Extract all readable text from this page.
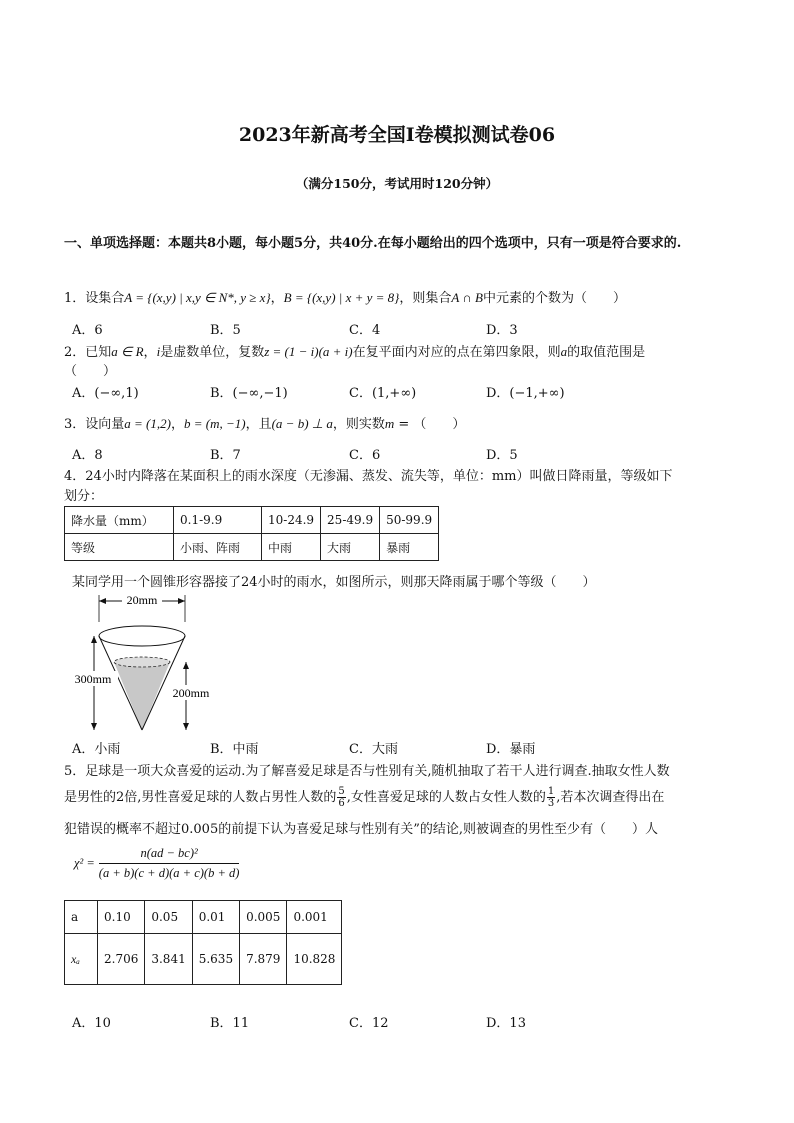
2023年新高考全国Ⅰ卷模拟测试卷06
（满分150分，考试用时120分钟）
一、单项选择题：本题共8小题，每小题5分，共40分.在每小题给出的四个选项中，只有一项是符合要求的.
1．设集合A = {(x,y) | x,y ∈ N*, y ≥ x}，B = {(x,y) | x + y = 8}，则集合A ∩ B中元素的个数为（　　）
A．6	B．5	C．4	D．3
2．已知a ∈ R，i是虚数单位，复数z = (1 − i)(a + i)在复平面内对应的点在第四象限，则a的取值范围是
（　　）
A．(−∞,1)	B．(−∞,−1)	C．(1,+∞)	D．(−1,+∞)
3．设向量a = (1,2)，b = (m, −1)，且(a − b) ⊥ a，则实数m = （　　）
A．8	B．7	C．6	D．5
4．24小时内降落在某面积上的雨水深度（无渗漏、蒸发、流失等，单位：mm）叫做日降雨量，等级如下
划分：
降水量（mm）	0.1-9.9	10-24.9	25-49.9	50-99.9
等级	小雨、阵雨	中雨	大雨	暴雨
某同学用一个圆锥形容器接了24小时的雨水，如图所示，则那天降雨属于哪个等级（　　）
20mm
300mm
200mm
A．小雨	B．中雨	C．大雨	D．暴雨
5．足球是一项大众喜爱的运动.为了解喜爱足球是否与性别有关,随机抽取了若干人进行调查.抽取女性人数
是男性的2倍,男性喜爱足球的人数占男性人数的 $\frac{5}{6}$ ,女性喜爱足球的人数占女性人数的 $\frac{1}{3}$ ,若本次调查得出在
犯错误的概率不超过0.005的前提下认为喜爱足球与性别有关”的结论,则被调查的男性至少有（　　）人
$\chi^2 = \frac{\text{n(ad − bc)²}}{(a + b)(c + d)(a + c)(b + d)}$
a	0.10	0.05	0.01	0.005	0.001
xₐ	2.706	3.841	5.635	7.879	10.828
A．10	B．11	C．12	D．13
